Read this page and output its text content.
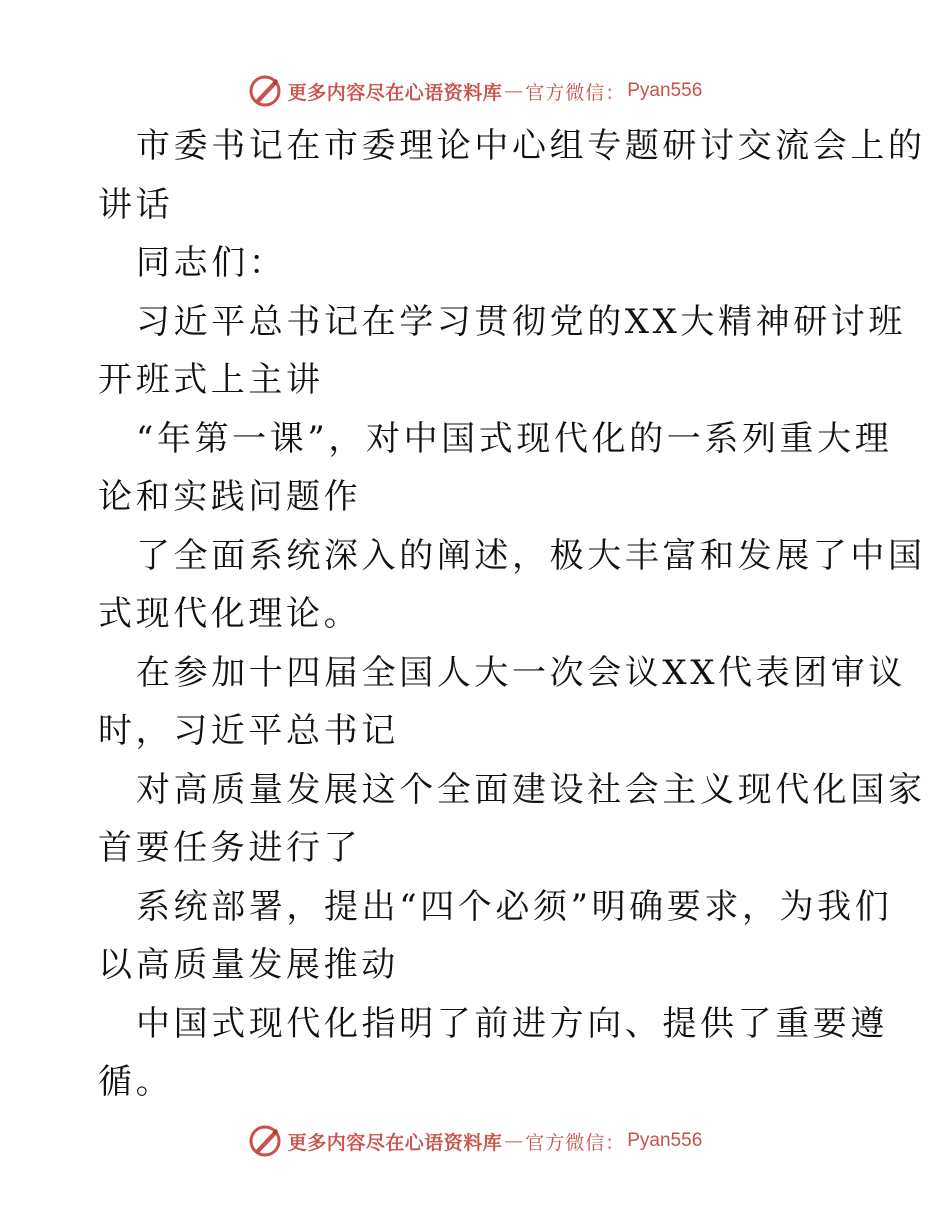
更多内容尽在心语资料库 — 官方微信： Pyan556

市委书记在市委理论中心组专题研讨交流会上的
讲话

同志们：

习近平总书记在学习贯彻党的XX大精神研讨班
开班式上主讲

“年第一课”，对中国式现代化的一系列重大理
论和实践问题作

了全面系统深入的阐述，极大丰富和发展了中国
式现代化理论。

在参加十四届全国人大一次会议XX代表团审议
时，习近平总书记

对高质量发展这个全面建设社会主义现代化国家
首要任务进行了

系统部署，提出“四个必须”明确要求，为我们
以高质量发展推动

中国式现代化指明了前进方向、提供了重要遵
循。

更多内容尽在心语资料库 — 官方微信： Pyan556
